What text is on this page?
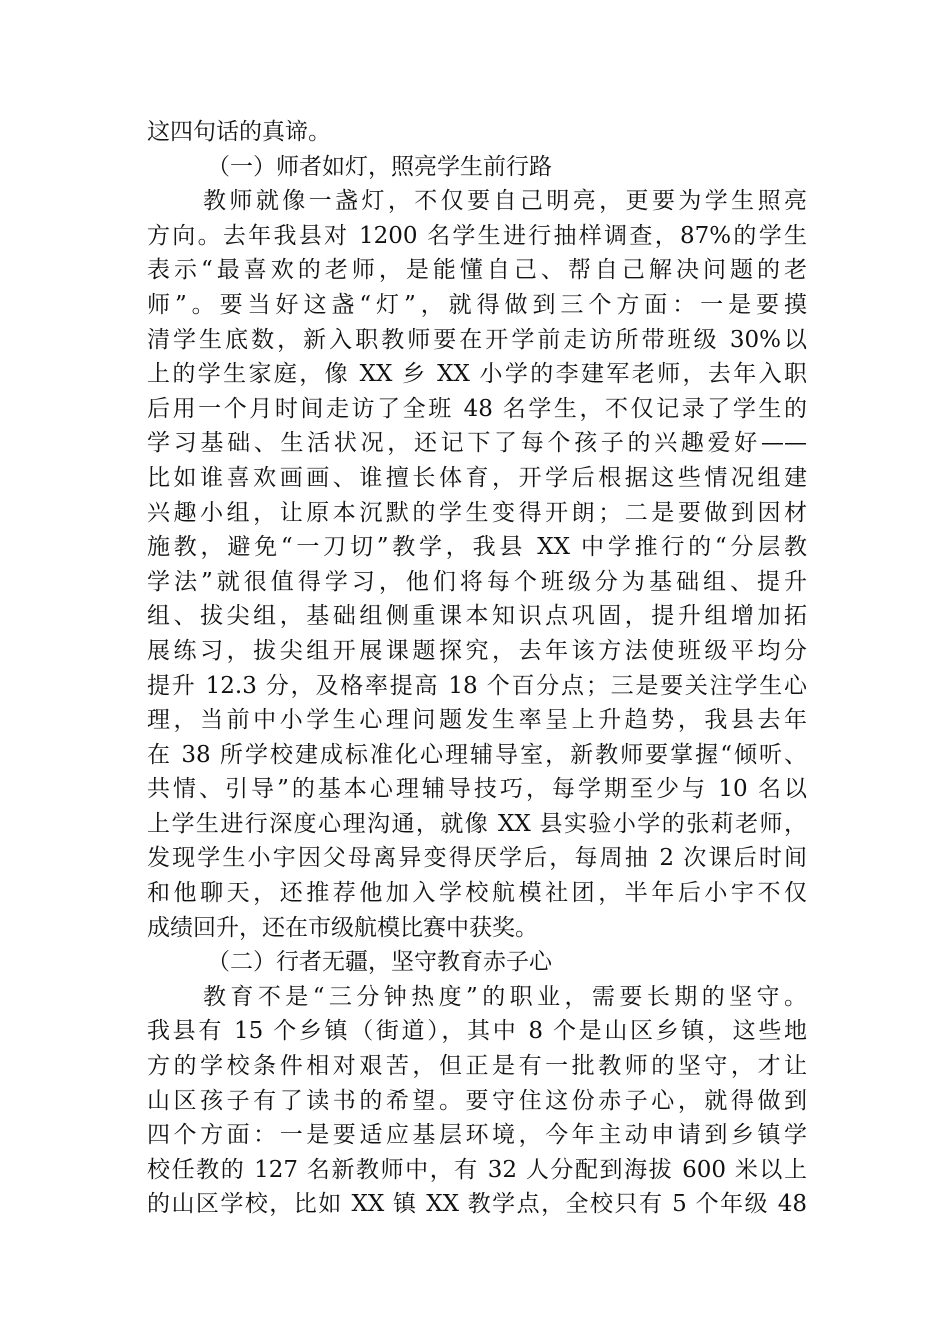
这四句话的真谛。
（一）师者如灯，照亮学生前行路
教师就像一盏灯，不仅要自己明亮，更要为学生照亮
方向。去年我县对 1200 名学生进行抽样调查，87%的学生
表示“最喜欢的老师，是能懂自己、帮自己解决问题的老
师”。要当好这盏“灯”，就得做到三个方面：一是要摸
清学生底数，新入职教师要在开学前走访所带班级 30%以
上的学生家庭，像 XX 乡 XX 小学的李建军老师，去年入职
后用一个月时间走访了全班 48 名学生，不仅记录了学生的
学习基础、生活状况，还记下了每个孩子的兴趣爱好——
比如谁喜欢画画、谁擅长体育，开学后根据这些情况组建
兴趣小组，让原本沉默的学生变得开朗；二是要做到因材
施教，避免“一刀切”教学，我县 XX 中学推行的“分层教
学法”就很值得学习，他们将每个班级分为基础组、提升
组、拔尖组，基础组侧重课本知识点巩固，提升组增加拓
展练习，拔尖组开展课题探究，去年该方法使班级平均分
提升 12.3 分，及格率提高 18 个百分点；三是要关注学生心
理，当前中小学生心理问题发生率呈上升趋势，我县去年
在 38 所学校建成标准化心理辅导室，新教师要掌握“倾听、
共情、引导”的基本心理辅导技巧，每学期至少与 10 名以
上学生进行深度心理沟通，就像 XX 县实验小学的张莉老师，
发现学生小宇因父母离异变得厌学后，每周抽 2 次课后时间
和他聊天，还推荐他加入学校航模社团，半年后小宇不仅
成绩回升，还在市级航模比赛中获奖。
（二）行者无疆，坚守教育赤子心
教育不是“三分钟热度”的职业，需要长期的坚守。
我县有 15 个乡镇（街道），其中 8 个是山区乡镇，这些地
方的学校条件相对艰苦，但正是有一批教师的坚守，才让
山区孩子有了读书的希望。要守住这份赤子心，就得做到
四个方面：一是要适应基层环境，今年主动申请到乡镇学
校任教的 127 名新教师中，有 32 人分配到海拔 600 米以上
的山区学校，比如 XX 镇 XX 教学点，全校只有 5 个年级 48
